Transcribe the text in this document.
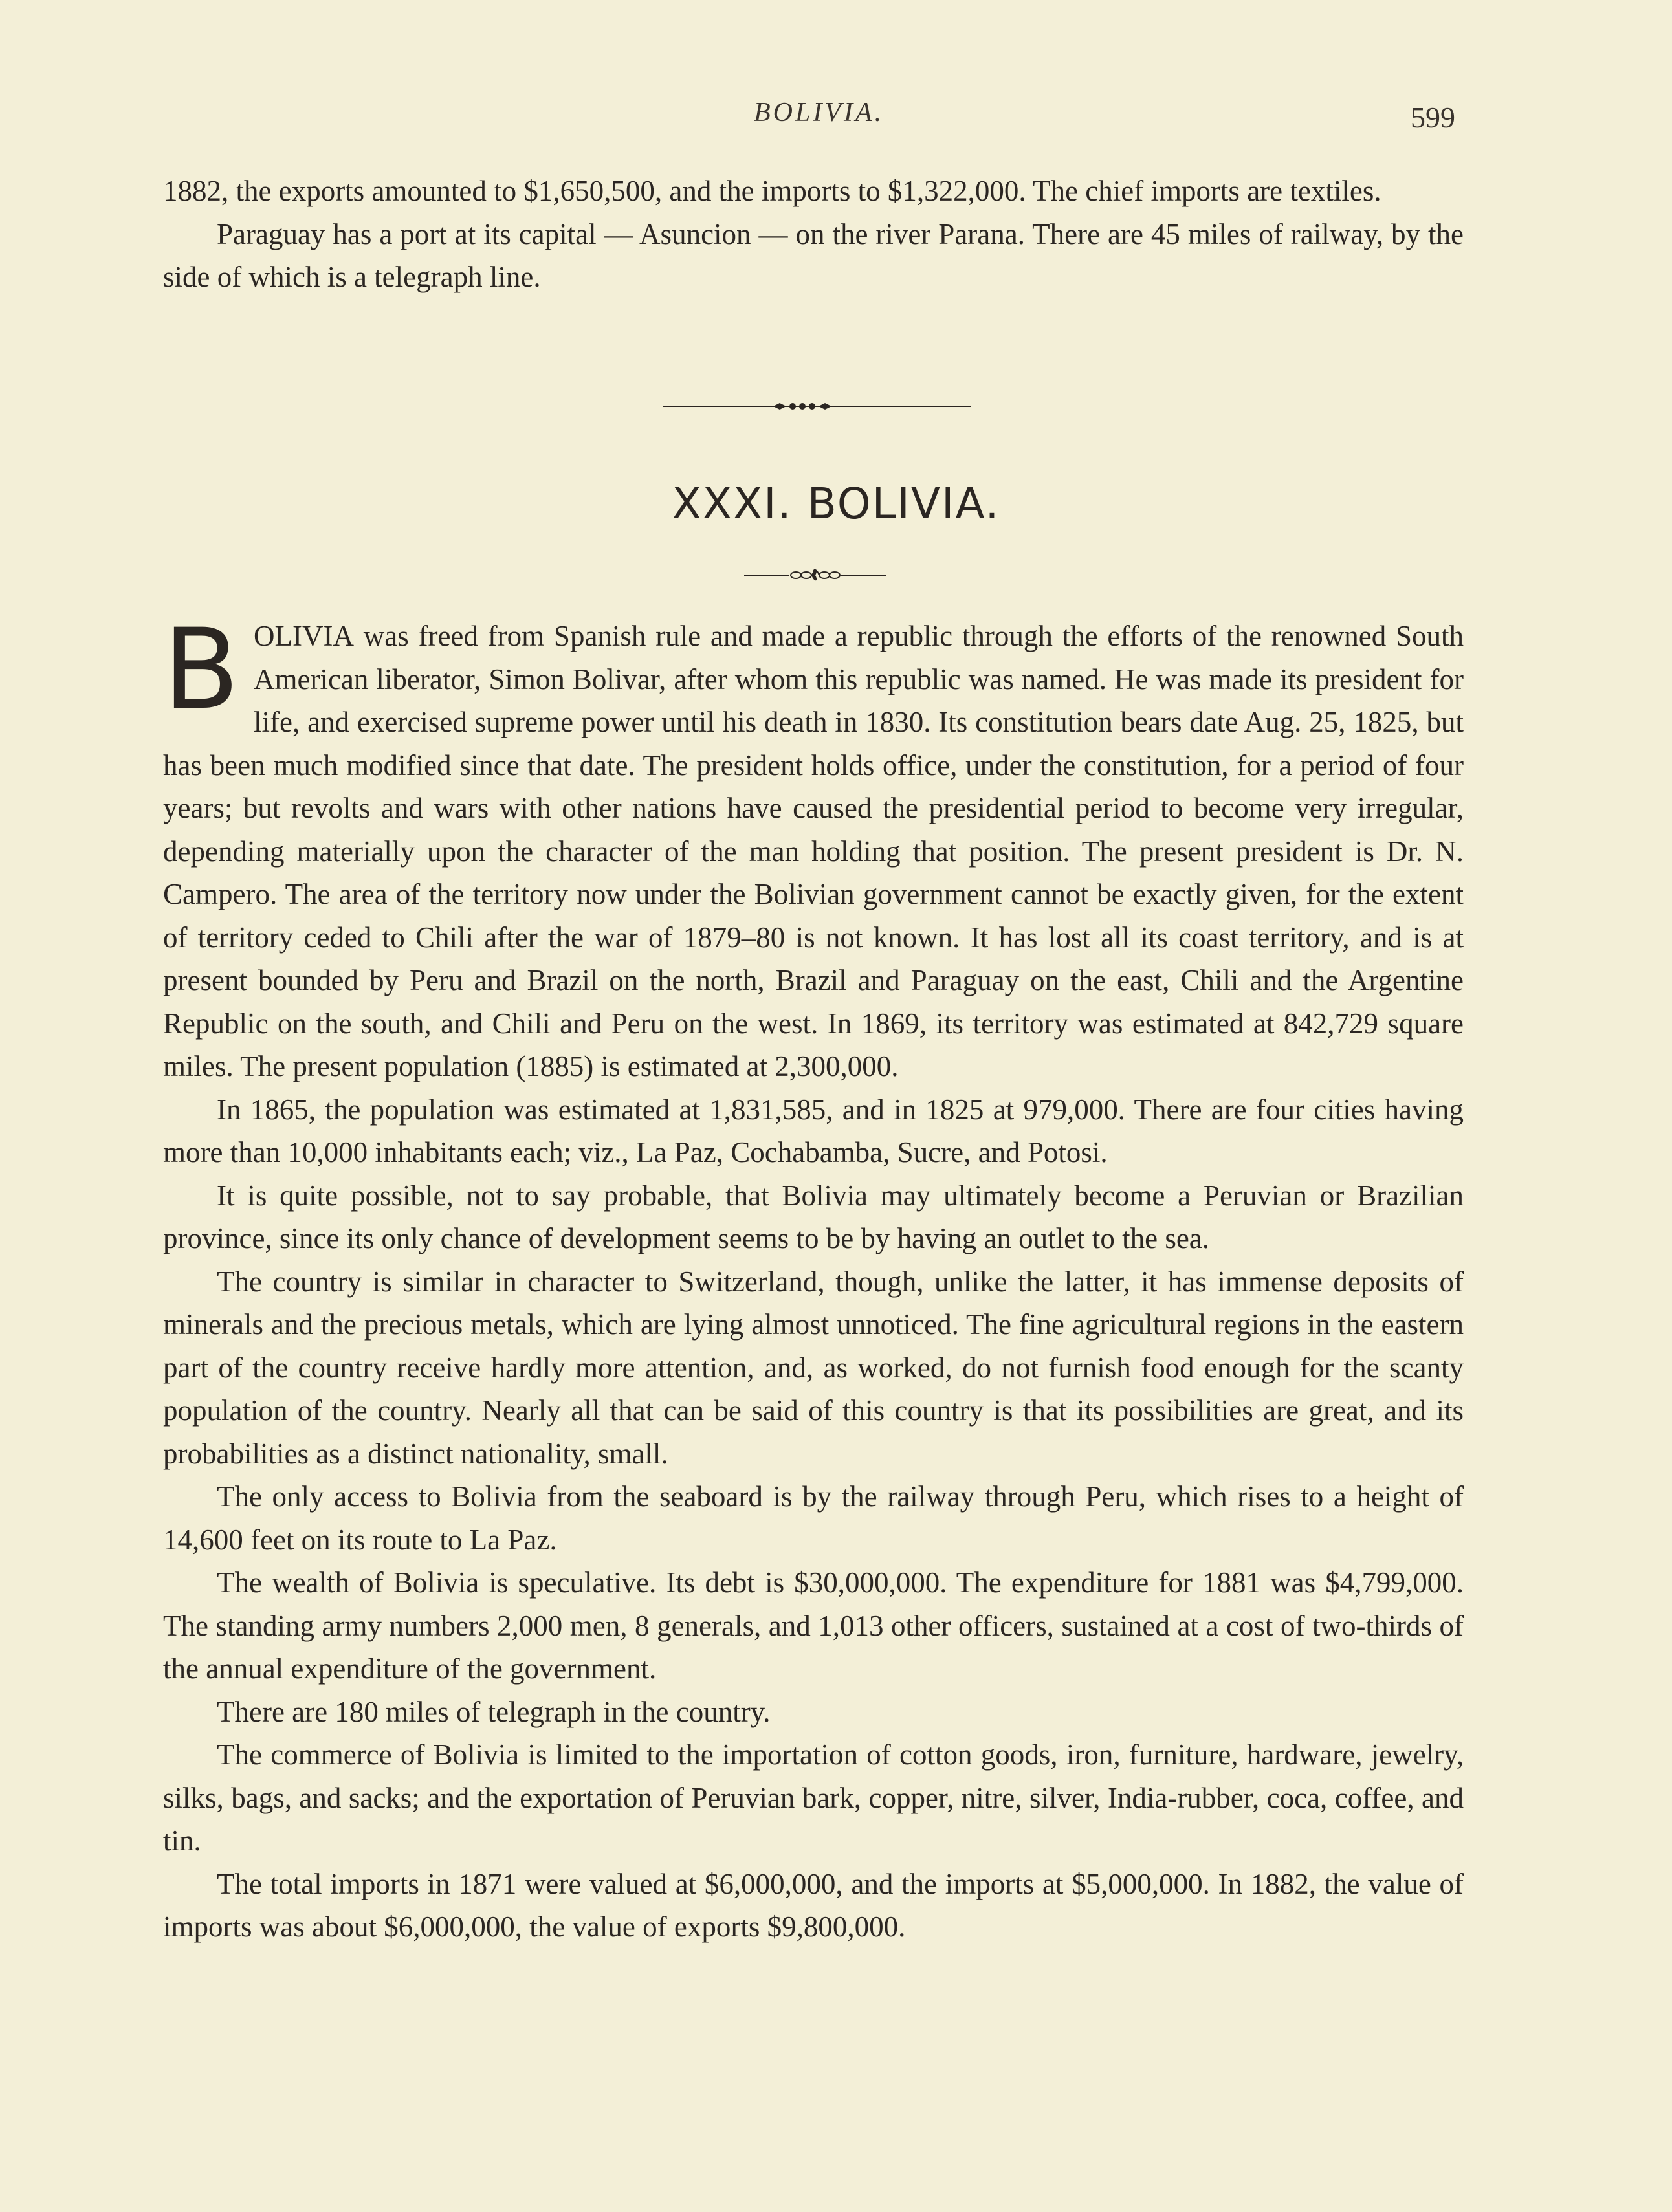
BOLIVIA.	599

1882, the exports amounted to $1,650,500, and the imports to $1,322,000. The chief imports are textiles.

Paraguay has a port at its capital — Asuncion — on the river Parana. There are 45 miles of railway, by the side of which is a telegraph line.

XXXI. BOLIVIA.

BOLIVIA was freed from Spanish rule and made a republic through the efforts of the renowned South American liberator, Simon Bolivar, after whom this republic was named. He was made its president for life, and exercised supreme power until his death in 1830. Its constitution bears date Aug. 25, 1825, but has been much modified since that date. The president holds office, under the constitution, for a period of four years; but revolts and wars with other nations have caused the presidential period to become very irregular, depending materially upon the character of the man holding that position. The present president is Dr. N. Campero. The area of the territory now under the Bolivian government cannot be exactly given, for the extent of territory ceded to Chili after the war of 1879–80 is not known. It has lost all its coast territory, and is at present bounded by Peru and Brazil on the north, Brazil and Paraguay on the east, Chili and the Argentine Republic on the south, and Chili and Peru on the west. In 1869, its territory was estimated at 842,729 square miles. The present population (1885) is estimated at 2,300,000.

In 1865, the population was estimated at 1,831,585, and in 1825 at 979,000. There are four cities having more than 10,000 inhabitants each; viz., La Paz, Cochabamba, Sucre, and Potosi.

It is quite possible, not to say probable, that Bolivia may ultimately become a Peruvian or Brazilian province, since its only chance of development seems to be by having an outlet to the sea.

The country is similar in character to Switzerland, though, unlike the latter, it has immense deposits of minerals and the precious metals, which are lying almost unnoticed. The fine agricultural regions in the eastern part of the country receive hardly more attention, and, as worked, do not furnish food enough for the scanty population of the country. Nearly all that can be said of this country is that its possibilities are great, and its probabilities as a distinct nationality, small.

The only access to Bolivia from the seaboard is by the railway through Peru, which rises to a height of 14,600 feet on its route to La Paz.

The wealth of Bolivia is speculative. Its debt is $30,000,000. The expenditure for 1881 was $4,799,000. The standing army numbers 2,000 men, 8 generals, and 1,013 other officers, sustained at a cost of two-thirds of the annual expenditure of the government.

There are 180 miles of telegraph in the country.

The commerce of Bolivia is limited to the importation of cotton goods, iron, furniture, hardware, jewelry, silks, bags, and sacks; and the exportation of Peruvian bark, copper, nitre, silver, India-rubber, coca, coffee, and tin.

The total imports in 1871 were valued at $6,000,000, and the imports at $5,000,000. In 1882, the value of imports was about $6,000,000, the value of exports $9,800,000.
